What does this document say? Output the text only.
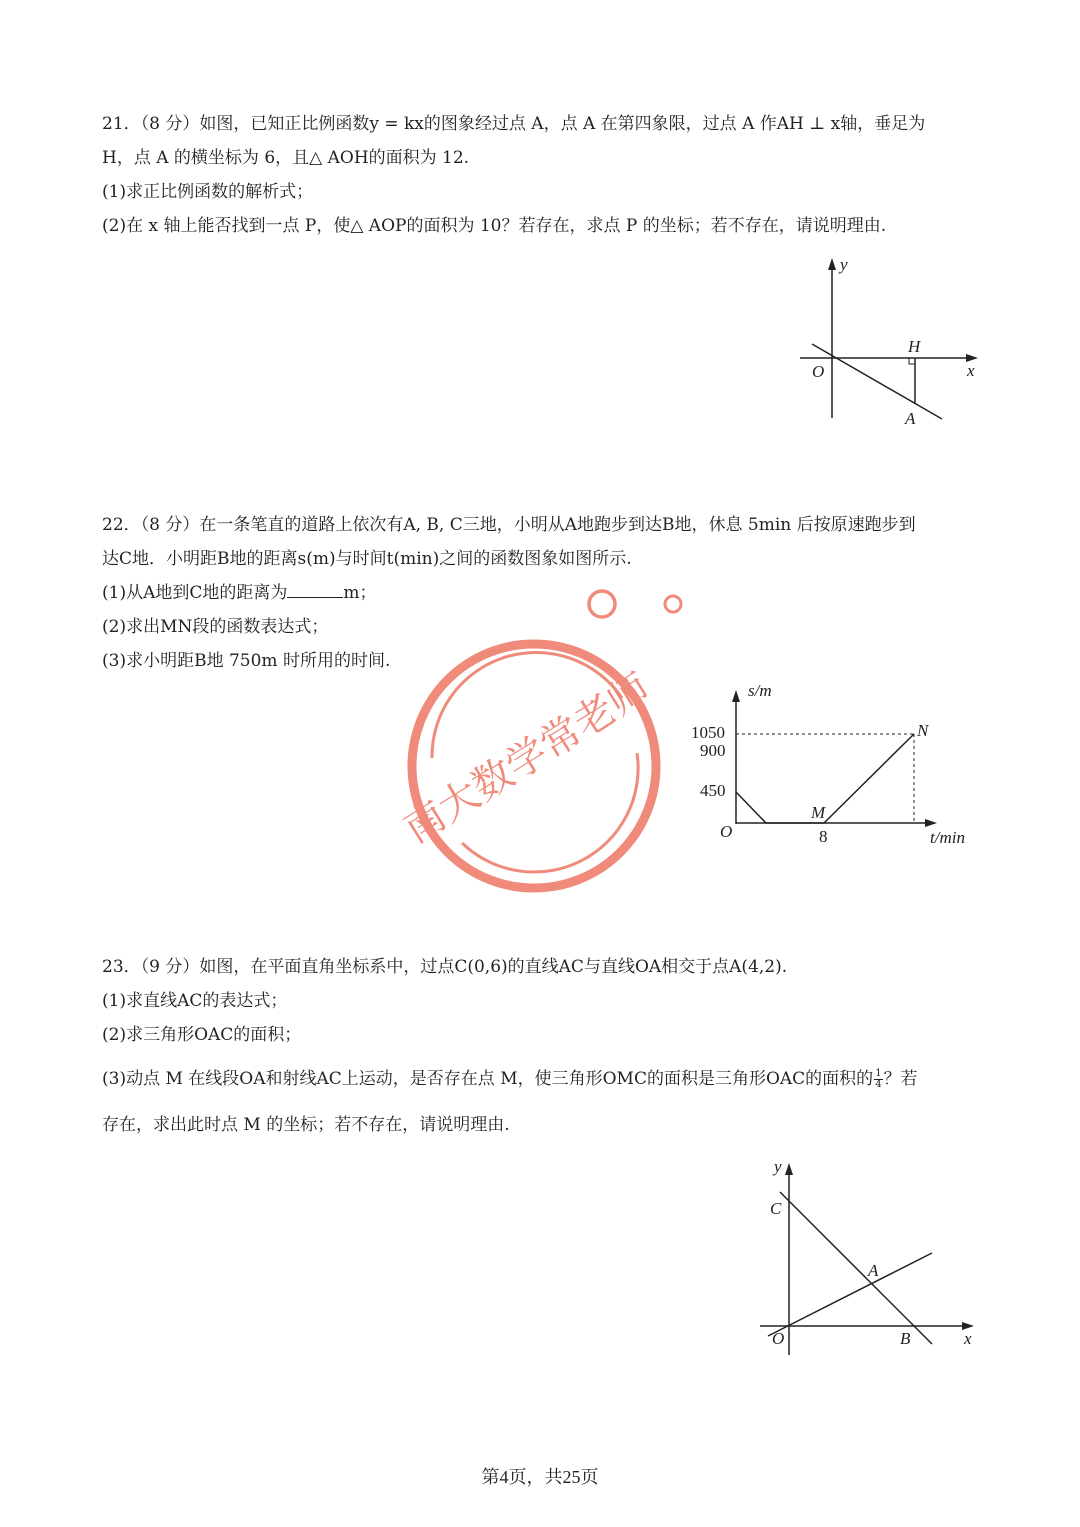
21．（8 分）如图，已知正比例函数y = kx的图象经过点 A，点 A 在第四象限，过点 A 作AH ⊥ x轴，垂足为
H，点 A 的横坐标为 6，且△ AOH的面积为 12.
(1)求正比例函数的解析式；
(2)在 x 轴上能否找到一点 P，使△ AOP的面积为 10？若存在，求点 P 的坐标；若不存在，请说明理由.
y
x
O
H
A
22．（8 分）在一条笔直的道路上依次有A, B, C三地，小明从A地跑步到达B地，休息 5min 后按原速跑步到
达C地．小明距B地的距离s(m)与时间t(min)之间的函数图象如图所示.
(1)从A地到C地的距离为	m；
(2)求出MN段的函数表达式；
(3)求小明距B地 750m 时所用的时间.
s/m
t/min
1050
900
450
8
O
M
N
南大数学常老师
23．（9 分）如图，在平面直角坐标系中，过点C(0,6)的直线AC与直线OA相交于点A(4,2).
(1)求直线AC的表达式；
(2)求三角形OAC的面积；
(3)动点 M 在线段OA和射线AC上运动，是否存在点 M，使三角形OMC的面积是三角形OAC的面积的 $\frac{1}{4}$ ？若
存在，求出此时点 M 的坐标；若不存在，请说明理由.
y
x
O
C
A
B
第4页，共25页
